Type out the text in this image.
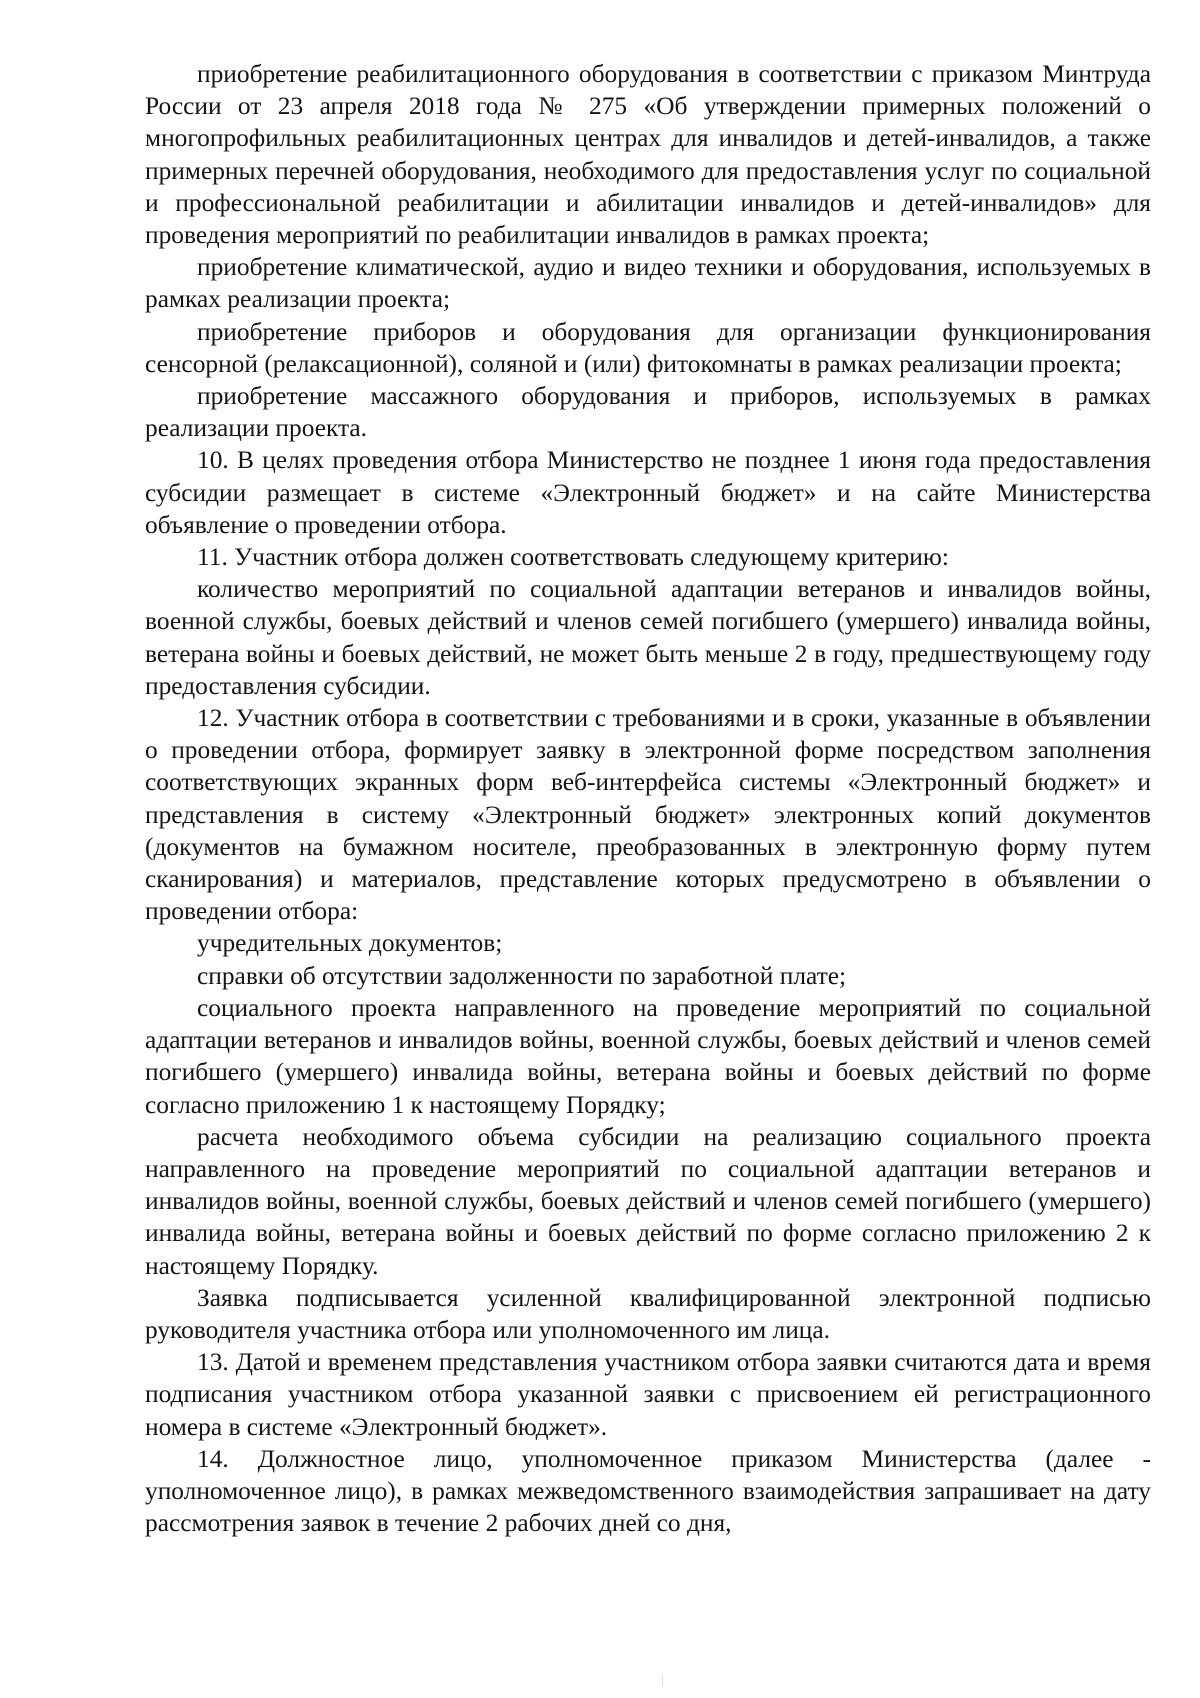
приобретение реабилитационного оборудования в соответствии с приказом Минтруда России от 23 апреля 2018 года № 275 «Об утверждении примерных положений о многопрофильных реабилитационных центрах для инвалидов и детей-инвалидов, а также примерных перечней оборудования, необходимого для предоставления услуг по социальной и профессиональной реабилитации и абилитации инвалидов и детей-инвалидов» для проведения мероприятий по реабилитации инвалидов в рамках проекта;

приобретение климатической, аудио и видео техники и оборудования, используемых в рамках реализации проекта;

приобретение приборов и оборудования для организации функционирования сенсорной (релаксационной), соляной и (или) фитокомнаты в рамках реализации проекта;

приобретение массажного оборудования и приборов, используемых в рамках реализации проекта.

10. В целях проведения отбора Министерство не позднее 1 июня года предоставления субсидии размещает в системе «Электронный бюджет» и на сайте Министерства объявление о проведении отбора.

11. Участник отбора должен соответствовать следующему критерию:

количество мероприятий по социальной адаптации ветеранов и инвалидов войны, военной службы, боевых действий и членов семей погибшего (умершего) инвалида войны, ветерана войны и боевых действий, не может быть меньше 2 в году, предшествующему году предоставления субсидии.

12. Участник отбора в соответствии с требованиями и в сроки, указанные в объявлении о проведении отбора, формирует заявку в электронной форме посредством заполнения соответствующих экранных форм веб-интерфейса системы «Электронный бюджет» и представления в систему «Электронный бюджет» электронных копий документов (документов на бумажном носителе, преобразованных в электронную форму путем сканирования) и материалов, представление которых предусмотрено в объявлении о проведении отбора:

учредительных документов;

справки об отсутствии задолженности по заработной плате;

социального проекта направленного на проведение мероприятий по социальной адаптации ветеранов и инвалидов войны, военной службы, боевых действий и членов семей погибшего (умершего) инвалида войны, ветерана войны и боевых действий по форме согласно приложению 1 к настоящему Порядку;

расчета необходимого объема субсидии на реализацию социального проекта направленного на проведение мероприятий по социальной адаптации ветеранов и инвалидов войны, военной службы, боевых действий и членов семей погибшего (умершего) инвалида войны, ветерана войны и боевых действий по форме согласно приложению 2 к настоящему Порядку.

Заявка подписывается усиленной квалифицированной электронной подписью руководителя участника отбора или уполномоченного им лица.

13. Датой и временем представления участником отбора заявки считаются дата и время подписания участником отбора указанной заявки с присвоением ей регистрационного номера в системе «Электронный бюджет».

14. Должностное лицо, уполномоченное приказом Министерства (далее - уполномоченное лицо), в рамках межведомственного взаимодействия запрашивает на дату рассмотрения заявок в течение 2 рабочих дней со дня,
